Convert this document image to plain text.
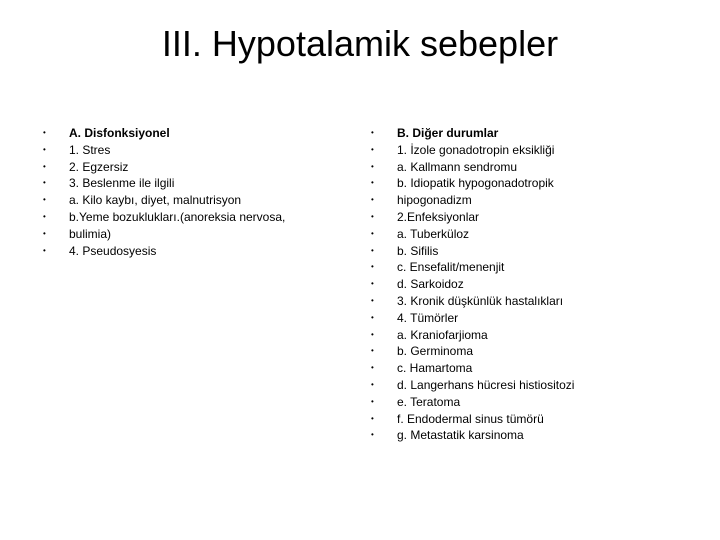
III. Hypotalamik sebepler
• A. Disfonksiyonel
• 1. Stres
• 2. Egzersiz
• 3. Beslenme ile ilgili
• a. Kilo kaybı, diyet, malnutrisyon
• b.Yeme bozuklukları.(anoreksia nervosa,
• bulimia)
• 4. Pseudosyesis
• B. Diğer durumlar
• 1. İzole gonadotropin eksikliği
• a. Kallmann sendromu
• b. Idiopatik hypogonadotropik
• hipogonadizm
• 2.Enfeksiyonlar
• a. Tuberküloz
• b. Sifilis
• c. Ensefalit/menenjit
• d. Sarkoidoz
• 3. Kronik düşkünlük hastalıkları
• 4. Tümörler
• a. Kraniofarjioma
• b. Germinoma
• c. Hamartoma
• d. Langerhans hücresi histiositozi
• e. Teratoma
• f. Endodermal sinus tümörü
• g. Metastatik karsinoma
